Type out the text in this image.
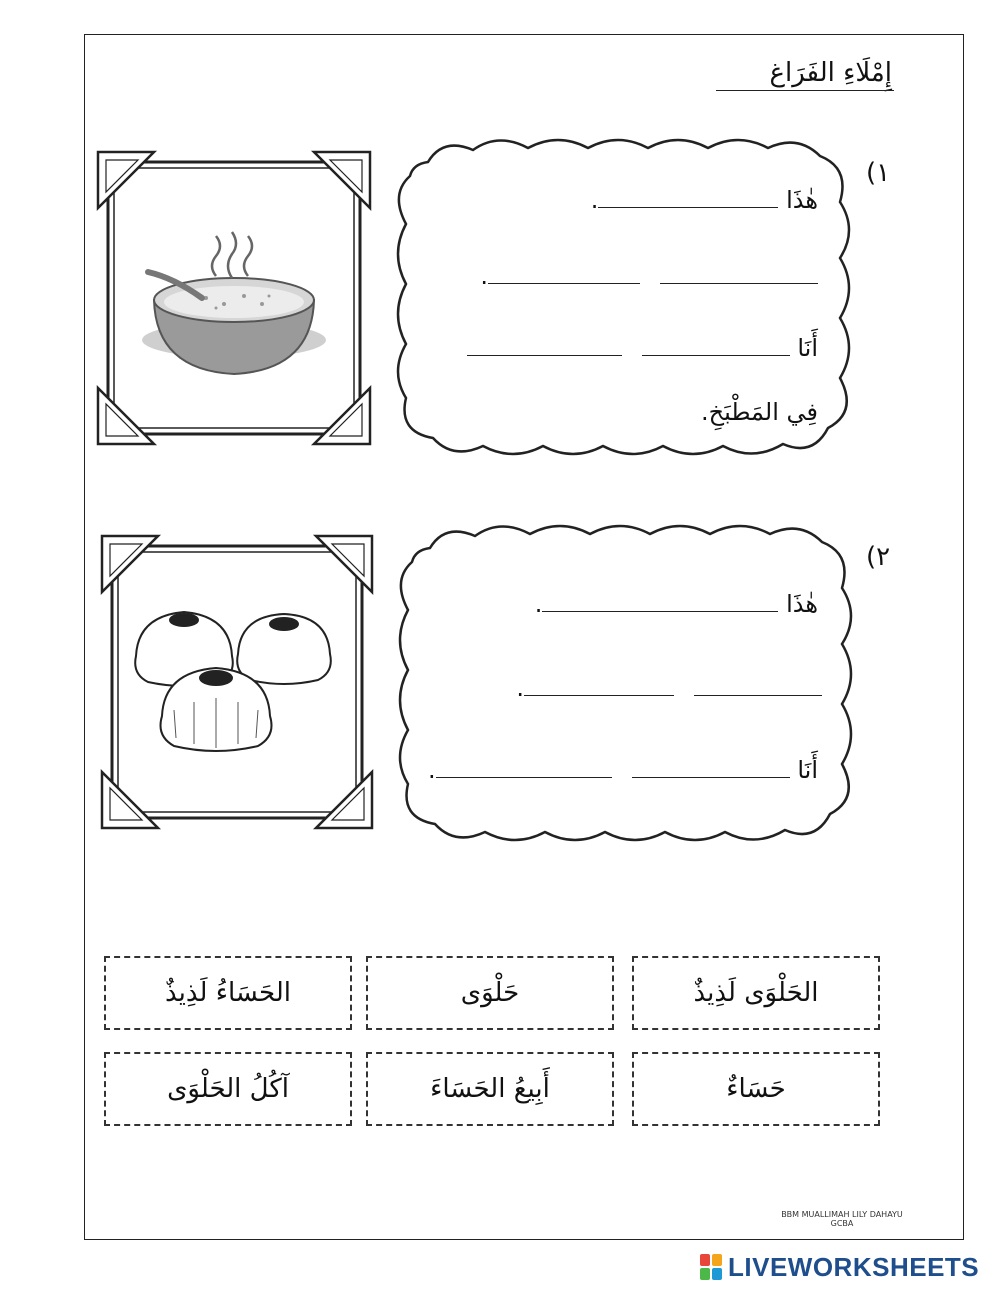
إِمْلَاءِ الفَرَاغ
١)
هٰذَا .
.
أَنَا
فِي المَطْبَخِ.
٢)
هٰذَا .
.
أَنَا .
الحَلْوَى لَذِيذٌ
حَلْوَى
الحَسَاءُ لَذِيذٌ
حَسَاءٌ
أَبِيعُ الحَسَاءَ
آكُلُ الحَلْوَى
BBM MUALLIMAH LILY DAHAYU
GCBA
LIVEWORKSHEETS
